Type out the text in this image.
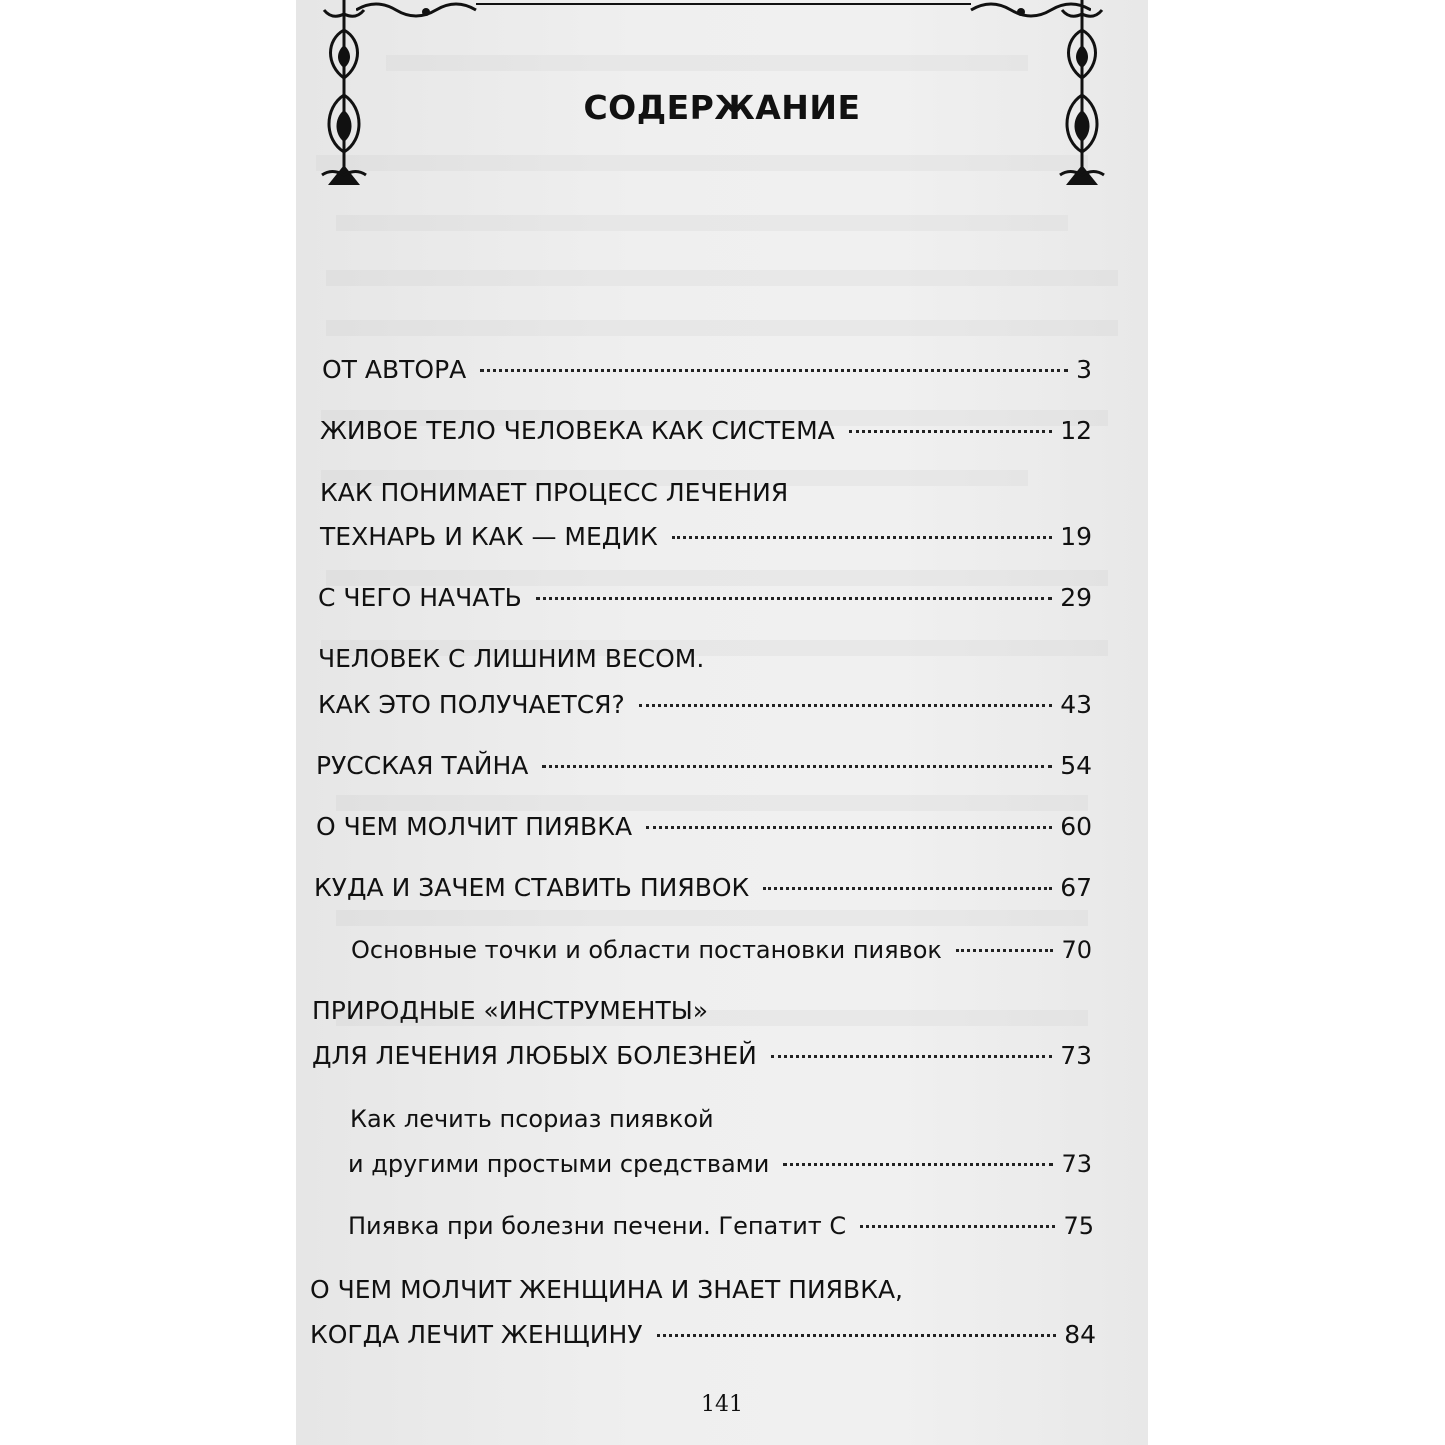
СОДЕРЖАНИЕ
ОТ АВТОРА	3
ЖИВОЕ ТЕЛО ЧЕЛОВЕКА КАК СИСТЕМА	12
КАК ПОНИМАЕТ ПРОЦЕСС ЛЕЧЕНИЯ
ТЕХНАРЬ И КАК — МЕДИК	19
С ЧЕГО НАЧАТЬ	29
ЧЕЛОВЕК С ЛИШНИМ ВЕСОМ.
КАК ЭТО ПОЛУЧАЕТСЯ?	43
РУССКАЯ ТАЙНА	54
О ЧЕМ МОЛЧИТ ПИЯВКА	60
КУДА И ЗАЧЕМ СТАВИТЬ ПИЯВОК	67
Основные точки и области постановки пиявок	70
ПРИРОДНЫЕ «ИНСТРУМЕНТЫ»
ДЛЯ ЛЕЧЕНИЯ ЛЮБЫХ БОЛЕЗНЕЙ	73
Как лечить псориаз пиявкой
и другими простыми средствами	73
Пиявка при болезни печени. Гепатит С	75
О ЧЕМ МОЛЧИТ ЖЕНЩИНА И ЗНАЕТ ПИЯВКА,
КОГДА ЛЕЧИТ ЖЕНЩИНУ	84
141
